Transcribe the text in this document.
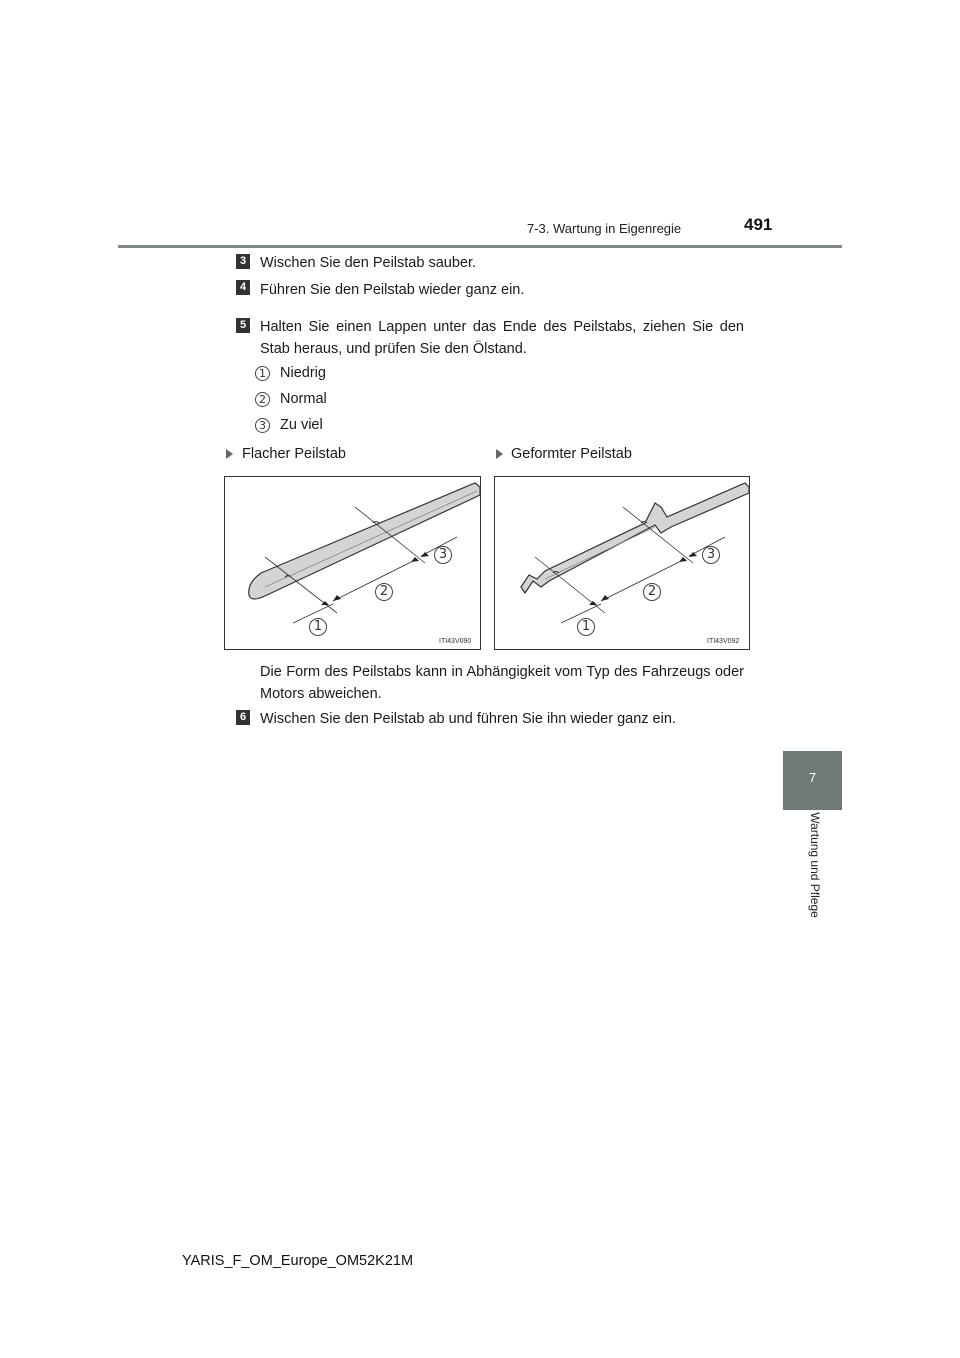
7-3. Wartung in Eigenregie	491
3 Wischen Sie den Peilstab sauber.
4 Führen Sie den Peilstab wieder ganz ein.
5 Halten Sie einen Lappen unter das Ende des Peilstabs, ziehen Sie den Stab heraus, und prüfen Sie den Ölstand.
1 Niedrig
2 Normal
3 Zu viel
Flacher Peilstab	Geformter Peilstab
1
2
3
ITI43V090
1
2
3
ITI43V092
Die Form des Peilstabs kann in Abhängigkeit vom Typ des Fahrzeugs oder Motors abweichen.
6 Wischen Sie den Peilstab ab und führen Sie ihn wieder ganz ein.
7
Wartung und Pflege
YARIS_F_OM_Europe_OM52K21M
